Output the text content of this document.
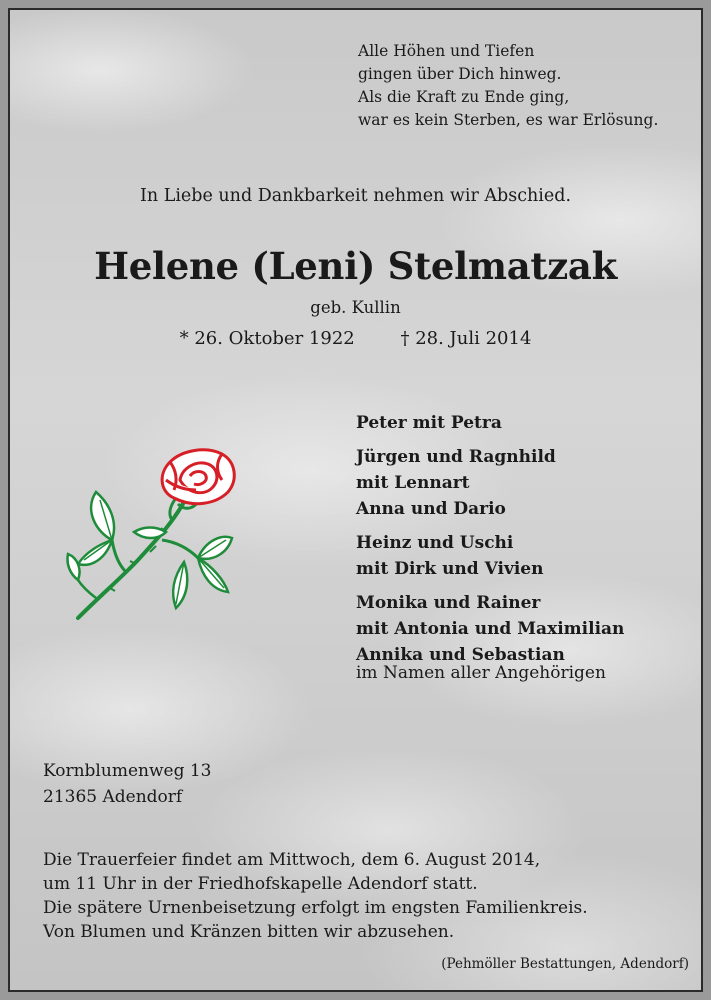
Alle Höhen und Tiefen
gingen über Dich hinweg.
Als die Kraft zu Ende ging,
war es kein Sterben, es war Erlösung.
In Liebe und Dankbarkeit nehmen wir Abschied.
Helene (Leni) Stelmatzak
geb. Kullin
* 26. Oktober 1922	† 28. Juli 2014
Peter mit Petra
Jürgen und Ragnhild
mit Lennart
Anna und Dario
Heinz und Uschi
mit Dirk und Vivien
Monika und Rainer
mit Antonia und Maximilian
Annika und Sebastian
im Namen aller Angehörigen
Kornblumenweg 13
21365 Adendorf
Die Trauerfeier findet am Mittwoch, dem 6. August 2014,
um 11 Uhr in der Friedhofskapelle Adendorf statt.
Die spätere Urnenbeisetzung erfolgt im engsten Familienkreis.
Von Blumen und Kränzen bitten wir abzusehen.
(Pehmöller Bestattungen, Adendorf)
